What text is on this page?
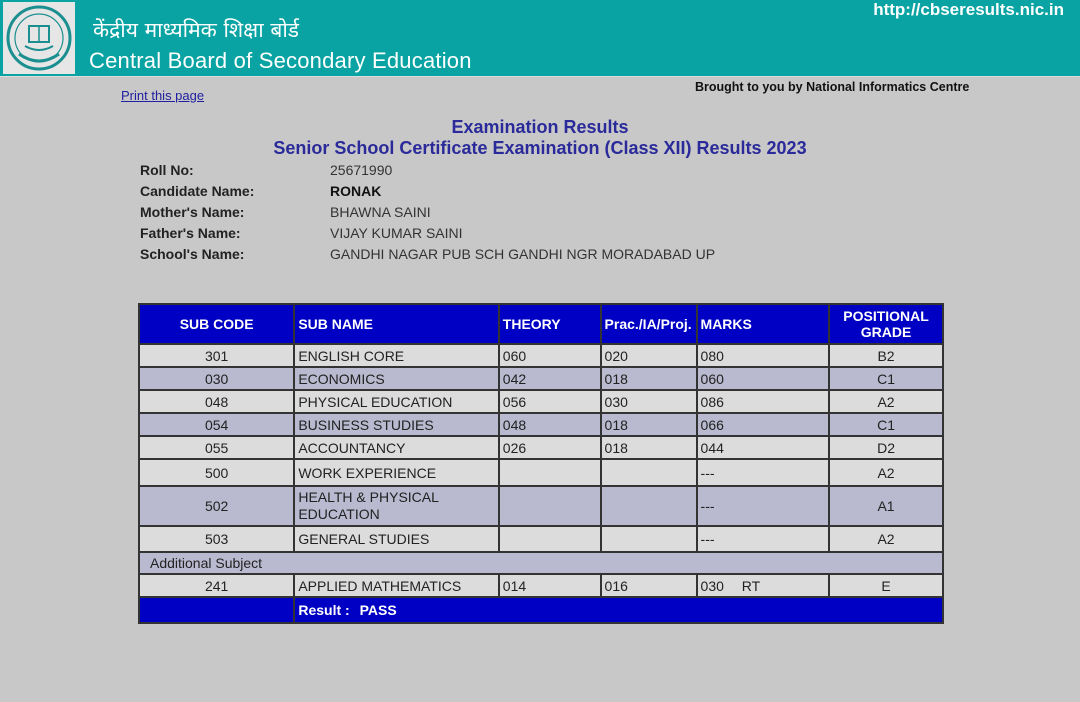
केंद्रीय माध्यमिक शिक्षा बोर्ड
Central Board of Secondary Education
http://cbseresults.nic.in
Print this page
Brought to you by National Informatics Centre
Examination Results
Senior School Certificate Examination (Class XII) Results 2023
Roll No:	25671990
Candidate Name:	RONAK
Mother's Name:	BHAWNA SAINI
Father's Name:	VIJAY KUMAR SAINI
School's Name:	GANDHI NAGAR PUB SCH GANDHI NGR MORADABAD UP
SUB CODE	SUB NAME	THEORY	Prac./IA/Proj.	MARKS	POSITIONAL
GRADE

301	ENGLISH CORE	060	020	080	B2
030	ECONOMICS	042	018	060	C1
048	PHYSICAL EDUCATION	056	030	086	A2
054	BUSINESS STUDIES	048	018	066	C1
055	ACCOUNTANCY	026	018	044	D2
500	WORK EXPERIENCE			---	A2
502	HEALTH & PHYSICAL EDUCATION			---	A1
503	GENERAL STUDIES			---	A2
Additional Subject					
241	APPLIED MATHEMATICS	014	016	030 RT	E
	Result : PASS				
